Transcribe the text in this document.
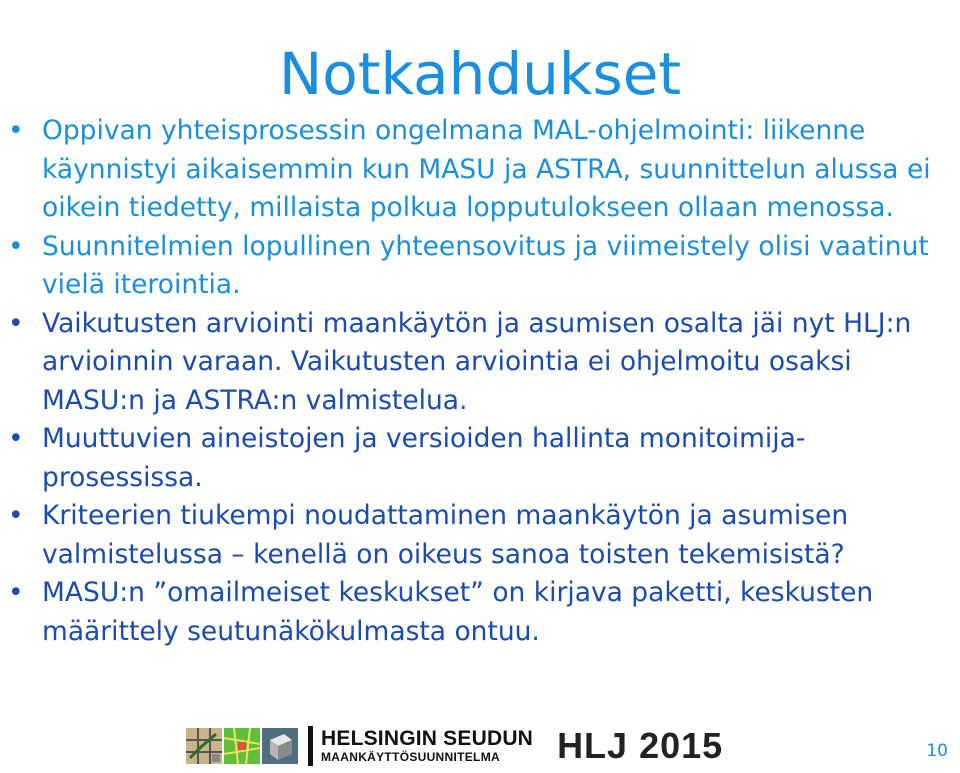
Notkahdukset
• Oppivan yhteisprosessin ongelmana MAL-ohjelmointi: liikenne käynnistyi aikaisemmin kun MASU ja ASTRA, suunnittelun alussa ei oikein tiedetty, millaista polkua lopputulokseen ollaan menossa.
• Suunnitelmien lopullinen yhteensovitus ja viimeistely olisi vaatinut vielä iterointia.
• Vaikutusten arviointi maankäytön ja asumisen osalta jäi nyt HLJ:n arvioinnin varaan. Vaikutusten arviointia ei ohjelmoitu osaksi MASU:n ja ASTRA:n valmistelua.
• Muuttuvien aineistojen ja versioiden hallinta monitoimija-prosessissa.
• Kriteerien tiukempi noudattaminen maankäytön ja asumisen valmistelussa – kenellä on oikeus sanoa toisten tekemisistä?
• MASU:n ”omailmeiset keskukset” on kirjava paketti, keskusten määrittely seutunäkökulmasta ontuu.
HELSINGIN SEUDUN
MAANKÄYTTÖSUUNNITELMA	HLJ 2015	10
